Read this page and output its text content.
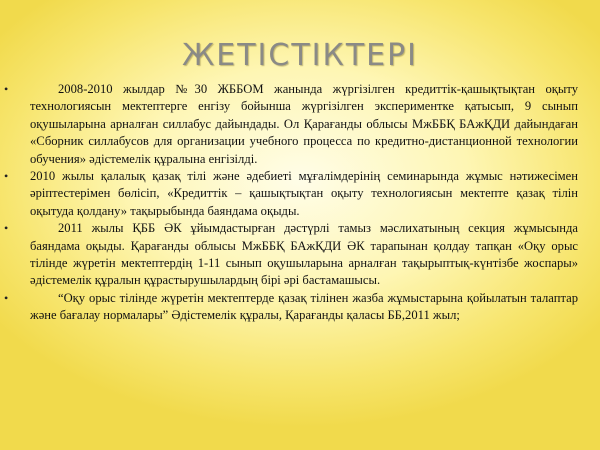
ЖЕТІСТІКТЕРІ
•	2008-2010 жылдар №30 ЖББОМ жанында жүргізілген кредиттік-қашықтықтан оқыту технологиясын мектептерге енгізу бойынша жүргізілген экспериментке қатысып, 9 сынып оқушыларына арналған силлабус дайындады. Ол Қарағанды облысы МжББҚ БАжҚДИ дайындаған «Сборник силлабусов для организации учебного процесса по кредитно-дистанционной технологии обучения» әдістемелік құралына енгізілді.
• 2010 жылы қалалық қазақ тілі және әдебиеті мұғалімдерінің семинарында жұмыс нәтижесімен әріптестерімен бөлісіп, «Кредиттік – қашықтықтан оқыту технологиясын мектепте қазақ тілін оқытуда қолдану» тақырыбында баяндама оқыды.
•	2011 жылы ҚББ ӘК ұйымдастырған дәстүрлі тамыз мәслихатының секция жұмысында баяндама оқыды. Қарағанды облысы МжББҚ БАжҚДИ ӘК тарапынан қолдау тапқан «Оқу орыс тілінде жүретін мектептердің 1-11 сынып оқушыларына арналған тақырыптық-күнтізбе жоспары» әдістемелік құралын құрастырушылардың бірі әрі бастамашысы.
•	“Оқу орыс тілінде жүретін мектептерде қазақ тілінен жазба жұмыстарына қойылатын талаптар және бағалау нормалары” Әдістемелік құралы, Қарағанды қаласы ББ,2011 жыл;
